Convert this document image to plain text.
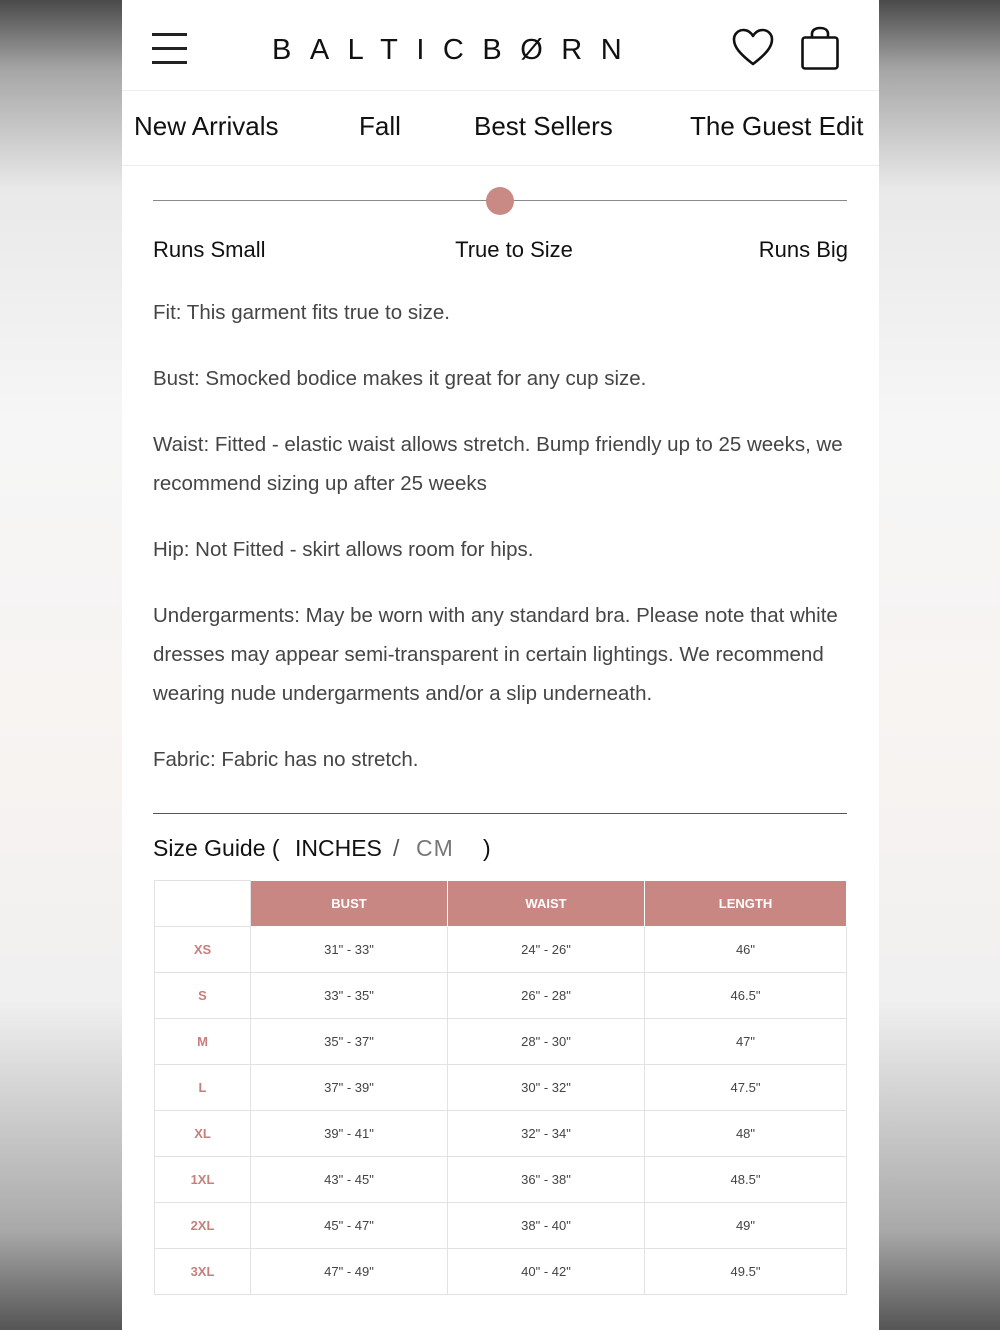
BALTICBØRN
New Arrivals	Fall	Best Sellers	The Guest Edit
Runs Small	True to Size	Runs Big
Fit: This garment fits true to size.
Bust: Smocked bodice makes it great for any cup size.
Waist: Fitted - elastic waist allows stretch. Bump friendly up to 25 weeks, we recommend sizing up after 25 weeks
Hip: Not Fitted - skirt allows room for hips.
Undergarments: May be worn with any standard bra. Please note that white dresses may appear semi-transparent in certain lightings. We recommend wearing nude undergarments and/or a slip underneath.
Fabric: Fabric has no stretch.
Size Guide ( INCHES / CM )
	BUST	WAIST	LENGTH
XS	31" - 33"	24" - 26"	46"
S	33" - 35"	26" - 28"	46.5"
M	35" - 37"	28" - 30"	47"
L	37" - 39"	30" - 32"	47.5"
XL	39" - 41"	32" - 34"	48"
1XL	43" - 45"	36" - 38"	48.5"
2XL	45" - 47"	38" - 40"	49"
3XL	47" - 49"	40" - 42"	49.5"
